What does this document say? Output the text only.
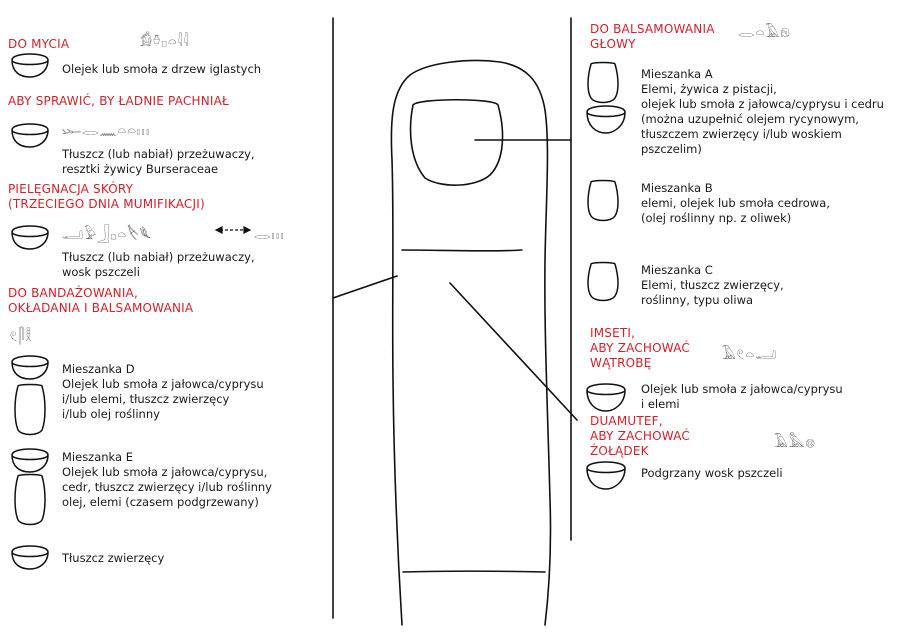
DO MYCIA	𓀁𓏊𓊪𓏏𓇋𓇋
Olejek lub smoła z drzew iglastych
ABY SPRAWIĆ, BY ŁADNIE PACHNIAŁ
𓆱𓂋𓈖𓏏𓏏𓏥
Tłuszcz (lub nabiał) przeżuwaczy,
resztki żywicy Burseraceae
PIELĘGNACJA SKÓRY
(TRZECIEGO DNIA MUMIFIKACJI)
𓂝𓅱𓃀𓊪𓏏𓌸𓆰	𓂋𓏥
Tłuszcz (lub nabiał) przeżuwaczy,
wosk pszczeli
DO BANDAŻOWANIA,
OKŁADANIA I BALSAMOWANIA
𓏲𓋴𓎛
Mieszanka D
Olejek lub smoła z jałowca/cyprysu
i/lub elemi, tłuszcz zwierzęcy
i/lub olej roślinny
Mieszanka E
Olejek lub smoła z jałowca/cyprysu,
cedr, tłuszcz zwierzęcy i/lub roślinny
olej, elemi (czasem podgrzewany)
Tłuszcz zwierzęcy
DO BALSAMOWANIA
GŁOWY
𓂋𓏏𓄿𓁶
Mieszanka A
Elemi, żywica z pistacji,
olejek lub smoła z jałowca/cyprysu i cedru
(można uzupełnić olejem rycynowym,
tłuszczem zwierzęcy i/lub woskiem
pszczelim)
Mieszanka B
elemi, olejek lub smoła cedrowa,
(olej roślinny np. z oliwek)
Mieszanka C
Elemi, tłuszcz zwierzęcy,
roślinny, typu oliwa
IMSETI,
ABY ZACHOWAĆ
WĄTROBĘ	𓄿𓏲𓏏𓂝
Olejek lub smoła z jałowca/cyprysu
i elemi
DUAMUTEF,
ABY ZACHOWAĆ
ŻOŁĄDEK	𓄿𓅓𓊖
Podgrzany wosk pszczeli
